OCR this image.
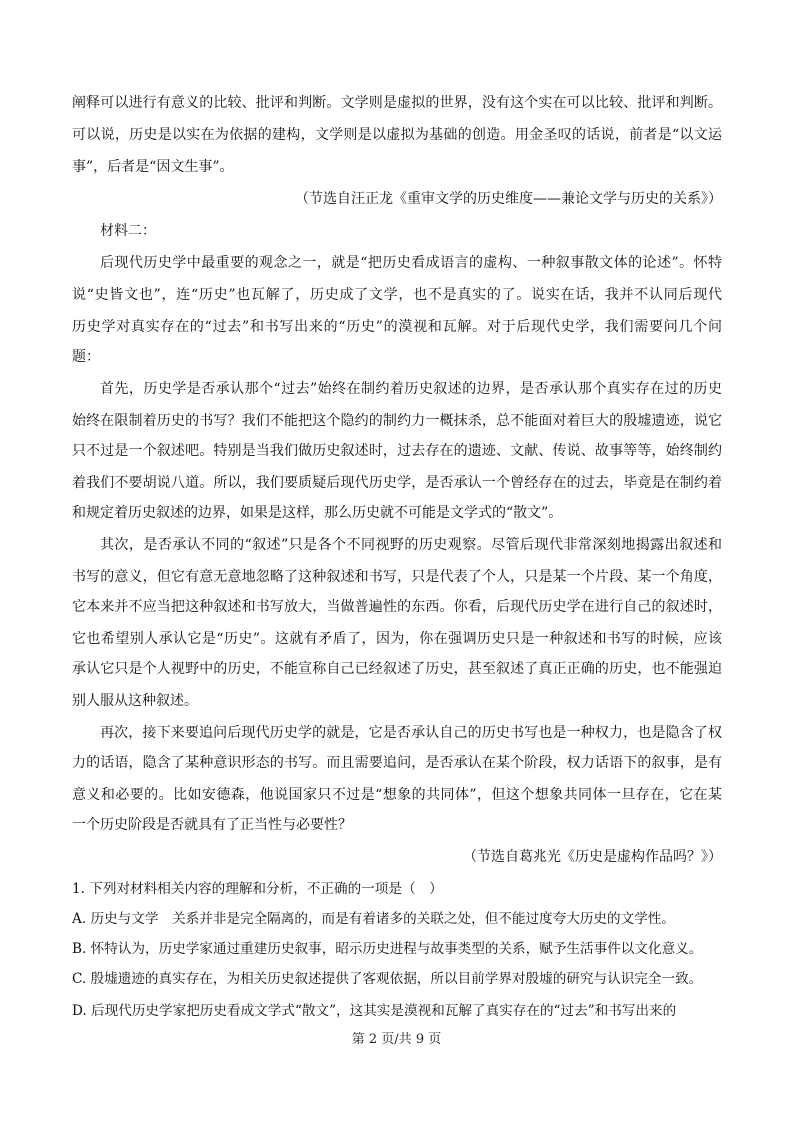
阐释可以进行有意义的比较、批评和判断。文学则是虚拟的世界，没有这个实在可以比较、批评和判断。
可以说，历史是以实在为依据的建构，文学则是以虚拟为基础的创造。用金圣叹的话说，前者是“以文运
事”，后者是“因文生事”。
（节选自汪正龙《重审文学的历史维度——兼论文学与历史的关系》）
材料二：
后现代历史学中最重要的观念之一，就是“把历史看成语言的虚构、一种叙事散文体的论述”。怀特
说“史皆文也”，连“历史”也瓦解了，历史成了文学，也不是真实的了。说实在话，我并不认同后现代
历史学对真实存在的“过去”和书写出来的“历史”的漠视和瓦解。对于后现代史学，我们需要问几个问
题：
首先，历史学是否承认那个“过去”始终在制约着历史叙述的边界，是否承认那个真实存在过的历史
始终在限制着历史的书写？我们不能把这个隐约的制约力一概抹杀，总不能面对着巨大的殷墟遗迹，说它
只不过是一个叙述吧。特别是当我们做历史叙述时，过去存在的遗迹、文献、传说、故事等等，始终制约
着我们不要胡说八道。所以，我们要质疑后现代历史学，是否承认一个曾经存在的过去，毕竟是在制约着
和规定着历史叙述的边界，如果是这样，那么历史就不可能是文学式的“散文”。
其次，是否承认不同的“叙述”只是各个不同视野的历史观察。尽管后现代非常深刻地揭露出叙述和
书写的意义，但它有意无意地忽略了这种叙述和书写，只是代表了个人，只是某一个片段、某一个角度，
它本来并不应当把这种叙述和书写放大，当做普遍性的东西。你看，后现代历史学在进行自己的叙述时，
它也希望别人承认它是“历史”。这就有矛盾了，因为，你在强调历史只是一种叙述和书写的时候，应该
承认它只是个人视野中的历史，不能宣称自己已经叙述了历史，甚至叙述了真正正确的历史，也不能强迫
别人服从这种叙述。
再次，接下来要追问后现代历史学的就是，它是否承认自己的历史书写也是一种权力，也是隐含了权
力的话语，隐含了某种意识形态的书写。而且需要追问，是否承认在某个阶段，权力话语下的叙事，是有
意义和必要的。比如安德森，他说国家只不过是“想象的共同体”，但这个想象共同体一旦存在，它在某
一个历史阶段是否就具有了正当性与必要性？
（节选自葛兆光《历史是虚构作品吗？》）
1. 下列对材料相关内容的理解和分析，不正确的一项是（　）
A. 历史与文学　关系并非是完全隔离的，而是有着诸多的关联之处，但不能过度夸大历史的文学性。
B. 怀特认为，历史学家通过重建历史叙事，昭示历史进程与故事类型的关系，赋予生活事件以文化意义。
C. 殷墟遗迹的真实存在，为相关历史叙述提供了客观依据，所以目前学界对殷墟的研究与认识完全一致。
D. 后现代历史学家把历史看成文学式“散文”，这其实是漠视和瓦解了真实存在的“过去”和书写出来的
第 2 页/共 9 页
